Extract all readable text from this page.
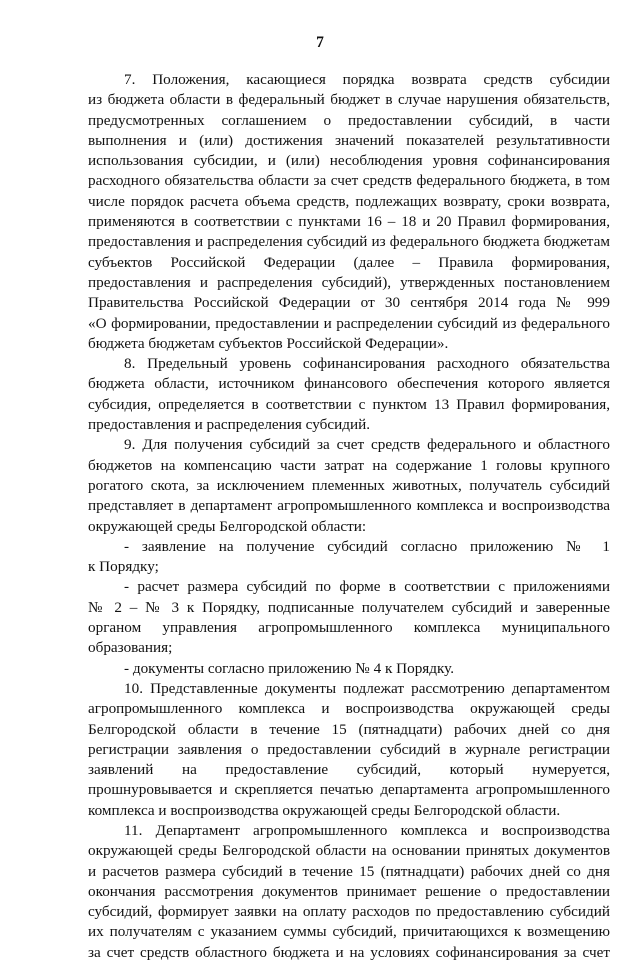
7
7. Положения, касающиеся порядка возврата средств субсидии
из бюджета области в федеральный бюджет в случае нарушения обязательств,
предусмотренных соглашением о предоставлении субсидий, в части
выполнения и (или) достижения значений показателей результативности
использования субсидии, и (или) несоблюдения уровня софинансирования
расходного обязательства области за счет средств федерального бюджета, в том
числе порядок расчета объема средств, подлежащих возврату, сроки возврата,
применяются в соответствии с пунктами 16 – 18 и 20 Правил формирования,
предоставления и распределения субсидий из федерального бюджета бюджетам
субъектов Российской Федерации (далее – Правила формирования,
предоставления и распределения субсидий), утвержденных постановлением
Правительства Российской Федерации от 30 сентября 2014 года № 999
«О формировании, предоставлении и распределении субсидий из федерального
бюджета бюджетам субъектов Российской Федерации».
8. Предельный уровень софинансирования расходного обязательства
бюджета области, источником финансового обеспечения которого является
субсидия, определяется в соответствии с пунктом 13 Правил формирования,
предоставления и распределения субсидий.
9. Для получения субсидий за счет средств федерального и областного
бюджетов на компенсацию части затрат на содержание 1 головы крупного
рогатого скота, за исключением племенных животных, получатель субсидий
представляет в департамент агропромышленного комплекса и воспроизводства
окружающей среды Белгородской области:
- заявление на получение субсидий согласно приложению № 1
к Порядку;
- расчет размера субсидий по форме в соответствии с приложениями
№ 2 – № 3 к Порядку, подписанные получателем субсидий и заверенные
органом управления агропромышленного комплекса муниципального
образования;
- документы согласно приложению № 4 к Порядку.
10. Представленные документы подлежат рассмотрению департаментом
агропромышленного комплекса и воспроизводства окружающей среды
Белгородской области в течение 15 (пятнадцати) рабочих дней со дня
регистрации заявления о предоставлении субсидий в журнале регистрации
заявлений на предоставление субсидий, который нумеруется,
прошнуровывается и скрепляется печатью департамента агропромышленного
комплекса и воспроизводства окружающей среды Белгородской области.
11. Департамент агропромышленного комплекса и воспроизводства
окружающей среды Белгородской области на основании принятых документов
и расчетов размера субсидий в течение 15 (пятнадцати) рабочих дней со дня
окончания рассмотрения документов принимает решение о предоставлении
субсидий, формирует заявки на оплату расходов по предоставлению субсидий
их получателям с указанием суммы субсидий, причитающихся к возмещению
за счет средств областного бюджета и на условиях софинансирования за счет
